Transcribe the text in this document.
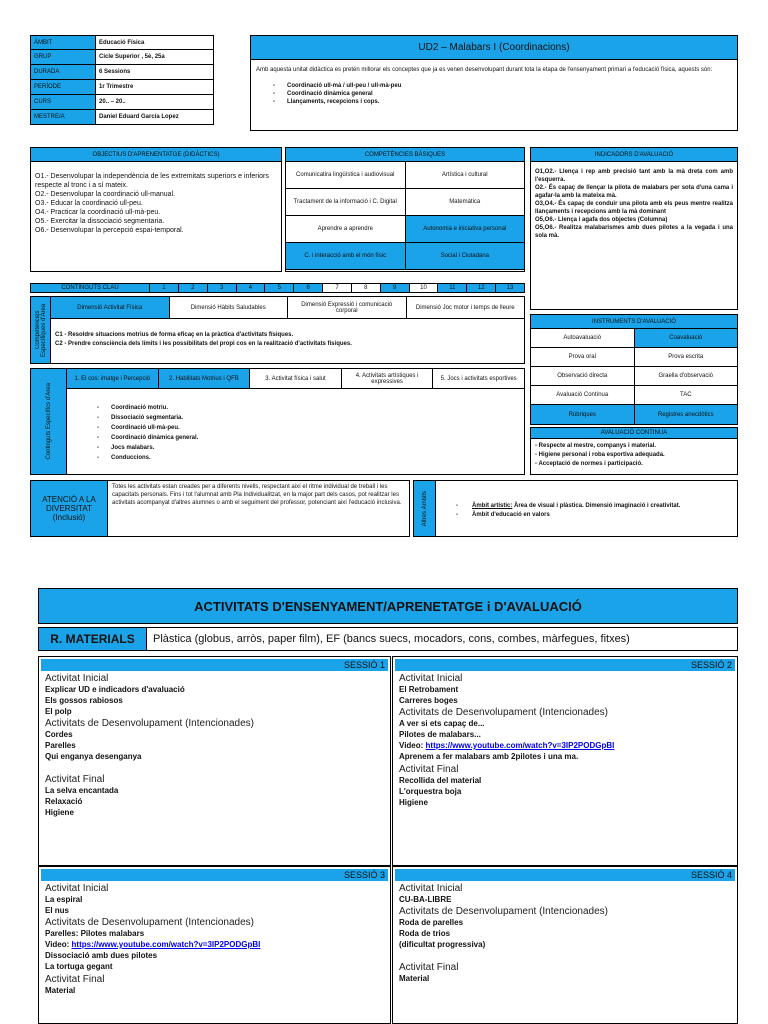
ÀMBIT	Educació Física
GRUP	Cicle Superior , 5è, 25a
DURADA	6 Sessions
PERÍODE	1r Trimestre
CURS	20.. – 20..
MESTRE/A	Daniel Eduard García Lopez
UD2 – Malabars I (Coordinacions)
Amb aquesta unitat didàctica es pretén millorar els conceptes que ja es venen desenvolupant durant tota la etapa de l'ensenyament primari a l'educació física, aquests són:
- Coordinació ull-mà / ull-peu / ull-mà-peu
- Coordinació dinàmica general
- Llançaments, recepcions i cops.
OBJECTIUS D'APRENENTATGE (DIDÀCTICS)
O1.- Desenvolupar la independència de les extremitats superiors e inferiors respecte al tronc i a sí mateix.
O2.- Desenvolupar la coordinació ull-manual.
O3.- Educar la coordinació ull-peu.
O4.- Practicar la coordinació ull-mà-peu.
O5.- Exercitar la dissociació segmentaria.
O6.- Desenvolupar la percepció espai-temporal.
COMPETÈNCIES BÀSIQUES
Comunicatira lingüística i audiovisual	Artística i cultural
Tractament de la informació i C. Digital	Matemàtica
Aprendre a aprendre	Autonomia e iniciativa personal
C. i interacció amb el món físic	Social i Ciutadana
INDICADORS D'AVALUACIÓ
O1,O2.- Llença i rep amb precisió tant amb la mà dreta com amb l'esquerra.
O2.- És capaç de llençar la pilota de malabars per sota d'una cama i agafar-la amb la mateixa mà.
O3,O4.- És capaç de conduir una pilota amb els peus mentre realitza llançaments i recepcions amb la mà dominant
O5,O6.- Llença i agafa dos objectes (Columna)
O5,O6.- Realitza malabarismes amb dues pilotes a la vegada i una sola mà.
CONTINGUTS CLAU	1	2	3	4	5	6	7	8	9	10	11	12	13
Competències Específiques d'Àrea	Dimensió Activitat Física	Dimensió Hàbits Saludables	Dimensió Expressió i comunicació corporal	Dimensió Joc motor i temps de lleure
C1 - Resoldre situacions motrius de forma eficaç en la pràctica d'activitats físiques.
C2 - Prendre consciència dels límits i les possibilitats del propi cos en la realització d'activitats físiques.
Continguts Específics d'Àrea
1. El cos: imatge i Percepció	2. Habilitats Motrius i QFB	3. Activitat física i salut	4. Activitats artístiques i expressives	5. Jocs i activitats esportives
- Coordinació motriu.
- Dissociació segmentaria.
- Coordinació ull-mà-peu.
- Coordinació dinàmica general.
- Jocs malabars.
- Conduccions.
INSTRUMENTS D'AVALUACIÓ
Autoavaluació	Coavaluació
Prova oral	Prova escrita
Observació directa	Graella d'observació
Avaluació Contínua	TAC
Rúbriques	Registres anecdòtics
AVALUACIÓ CONTINUA
- Respecte al mestre, companys i material.
- Higiene personal i roba esportiva adequada.
- Acceptació de normes i participació.
ATENCIÓ A LA DIVERSITAT (Inclusió)
Totes les activitats estan creades per a diferents nivells, respectant així el ritme individual de treball i les capacitats personals. Fins i tot l'alumnat amb Pla Individualitzat, en la major part dels casos, pot realitzar les activitats acompanyat d'altres alumnes o amb el seguiment del professor, potenciant així l'educació inclusiva.	Altres Àmbits	- Àmbit artístic: Àrea de visual i plàstica. Dimensió imaginació i creativitat.
- Àmbit d'educació en valors
ACTIVITATS D'ENSENYAMENT/APRENETATGE i D'AVALUACIÓ
R. MATERIALS	Plàstica (globus, arròs, paper film), EF (bancs suecs, mocadors, cons, combes, màrfegues, fitxes)
SESSIÓ 1
Activitat Inicial
Explicar UD e indicadors d'avaluació
Els gossos rabiosos
El polp
Activitats de Desenvolupament (Intencionades)
Cordes
Parelles
Qui enganya desenganya
Activitat Final
La selva encantada
Relaxació
Higiene
SESSIÓ 2
Activitat Inicial
El Retrobament
Carreres boges
Activitats de Desenvolupament (Intencionades)
A ver si ets capaç de...
Pilotes de malabars...
Video: https://www.youtube.com/watch?v=3IP2PODGpBI
Aprenem a fer malabars amb 2pilotes i una ma.
Activitat Final
Recollida del material
L'orquestra boja
Higiene
SESSIÓ 3
Activitat Inicial
La espiral
El nus
Activitats de Desenvolupament (Intencionades)
Parelles: Pilotes malabars
Video: https://www.youtube.com/watch?v=3IP2PODGpBI
Dissociació amb dues pilotes
La tortuga gegant
Activitat Final
Material
SESSIÓ 4
Activitat Inicial
CU-BA-LIBRE
Activitats de Desenvolupament (Intencionades)
Roda de parelles
Roda de trios
(dificultat progressiva)
Activitat Final
Material
